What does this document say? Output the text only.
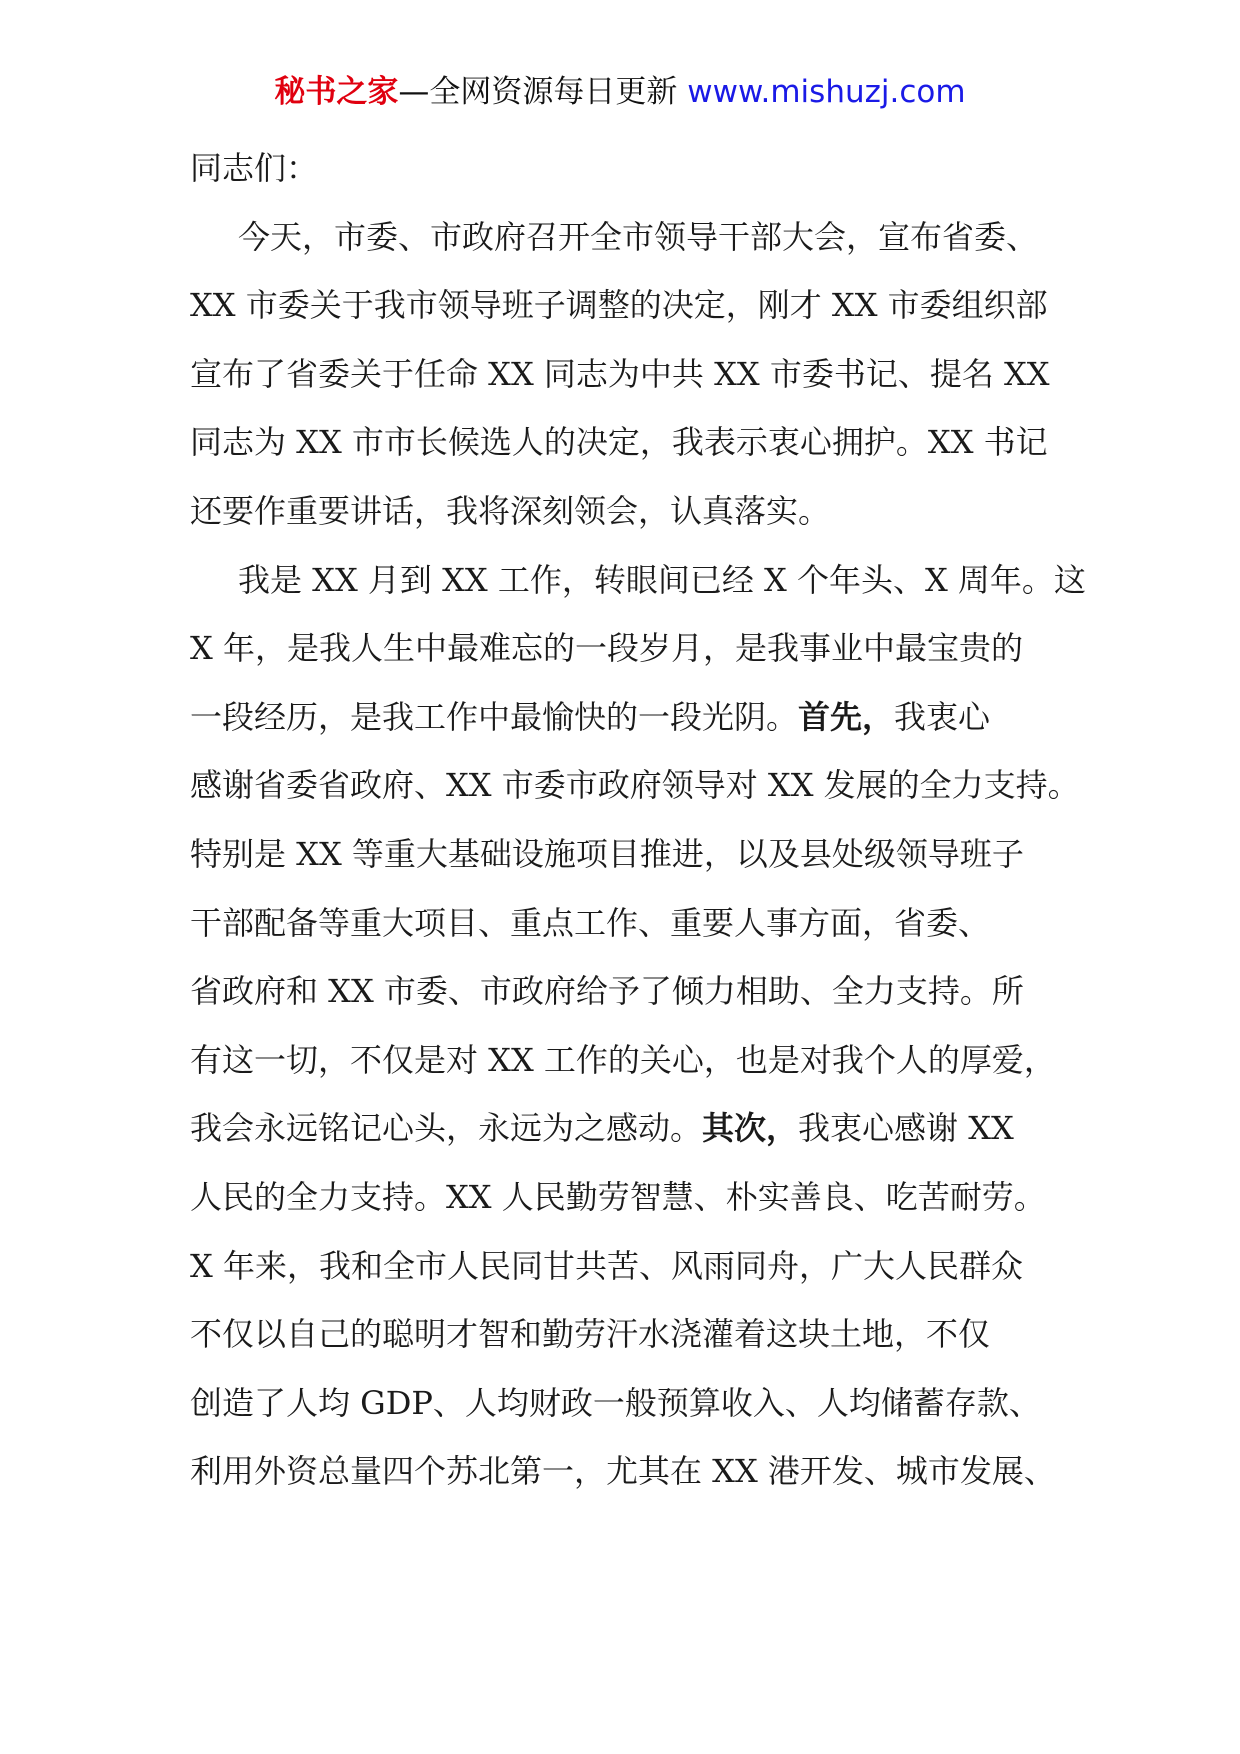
秘书之家—全网资源每日更新 www.mishuzj.com
同志们：
今天，市委、市政府召开全市领导干部大会，宣布省委、
XX 市委关于我市领导班子调整的决定，刚才 XX 市委组织部
宣布了省委关于任命 XX 同志为中共 XX 市委书记、提名 XX
同志为 XX 市市长候选人的决定，我表示衷心拥护。XX 书记
还要作重要讲话，我将深刻领会，认真落实。
我是 XX 月到 XX 工作，转眼间已经 X 个年头、X 周年。这
X 年，是我人生中最难忘的一段岁月，是我事业中最宝贵的
一段经历，是我工作中最愉快的一段光阴。首先，我衷心
感谢省委省政府、XX 市委市政府领导对 XX 发展的全力支持。
特别是 XX 等重大基础设施项目推进，以及县处级领导班子
干部配备等重大项目、重点工作、重要人事方面，省委、
省政府和 XX 市委、市政府给予了倾力相助、全力支持。所
有这一切，不仅是对 XX 工作的关心，也是对我个人的厚爱，
我会永远铭记心头，永远为之感动。其次，我衷心感谢 XX
人民的全力支持。XX 人民勤劳智慧、朴实善良、吃苦耐劳。
X 年来，我和全市人民同甘共苦、风雨同舟，广大人民群众
不仅以自己的聪明才智和勤劳汗水浇灌着这块土地，不仅
创造了人均 GDP、人均财政一般预算收入、人均储蓄存款、
利用外资总量四个苏北第一，尤其在 XX 港开发、城市发展、
